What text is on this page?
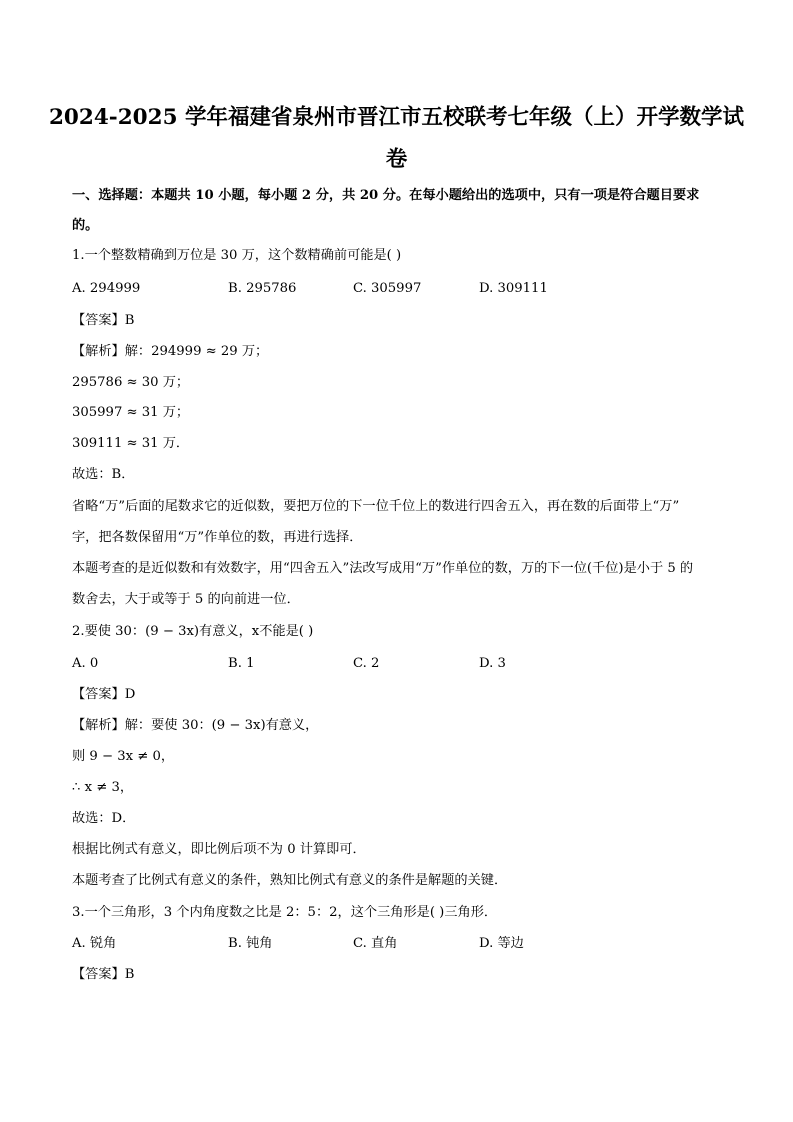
2024-2025 学年福建省泉州市晋江市五校联考七年级（上）开学数学试
卷
一、选择题：本题共 10 小题，每小题 2 分，共 20 分。在每小题给出的选项中，只有一项是符合题目要求
的。
1.一个整数精确到万位是 30 万，这个数精确前可能是( )
A. 294999	B. 295786	C. 305997	D. 309111
【答案】B
【解析】解：294999 ≈ 29 万；
295786 ≈ 30 万；
305997 ≈ 31 万；
309111 ≈ 31 万．
故选：B．
省略“万”后面的尾数求它的近似数，要把万位的下一位千位上的数进行四舍五入，再在数的后面带上“万”
字，把各数保留用“万”作单位的数，再进行选择．
本题考查的是近似数和有效数字，用“四舍五入”法改写成用“万”作单位的数，万的下一位(千位)是小于 5 的
数舍去，大于或等于 5 的向前进一位．
2.要使 30：(9 − 3x)有意义，x不能是( )
A. 0	B. 1	C. 2	D. 3
【答案】D
【解析】解：要使 30：(9 − 3x)有意义，
则 9 − 3x ≠ 0，
∴ x ≠ 3，
故选：D．
根据比例式有意义，即比例后项不为 0 计算即可．
本题考查了比例式有意义的条件，熟知比例式有意义的条件是解题的关键．
3.一个三角形，3 个内角度数之比是 2：5：2，这个三角形是( )三角形．
A. 锐角	B. 钝角	C. 直角	D. 等边
【答案】B
